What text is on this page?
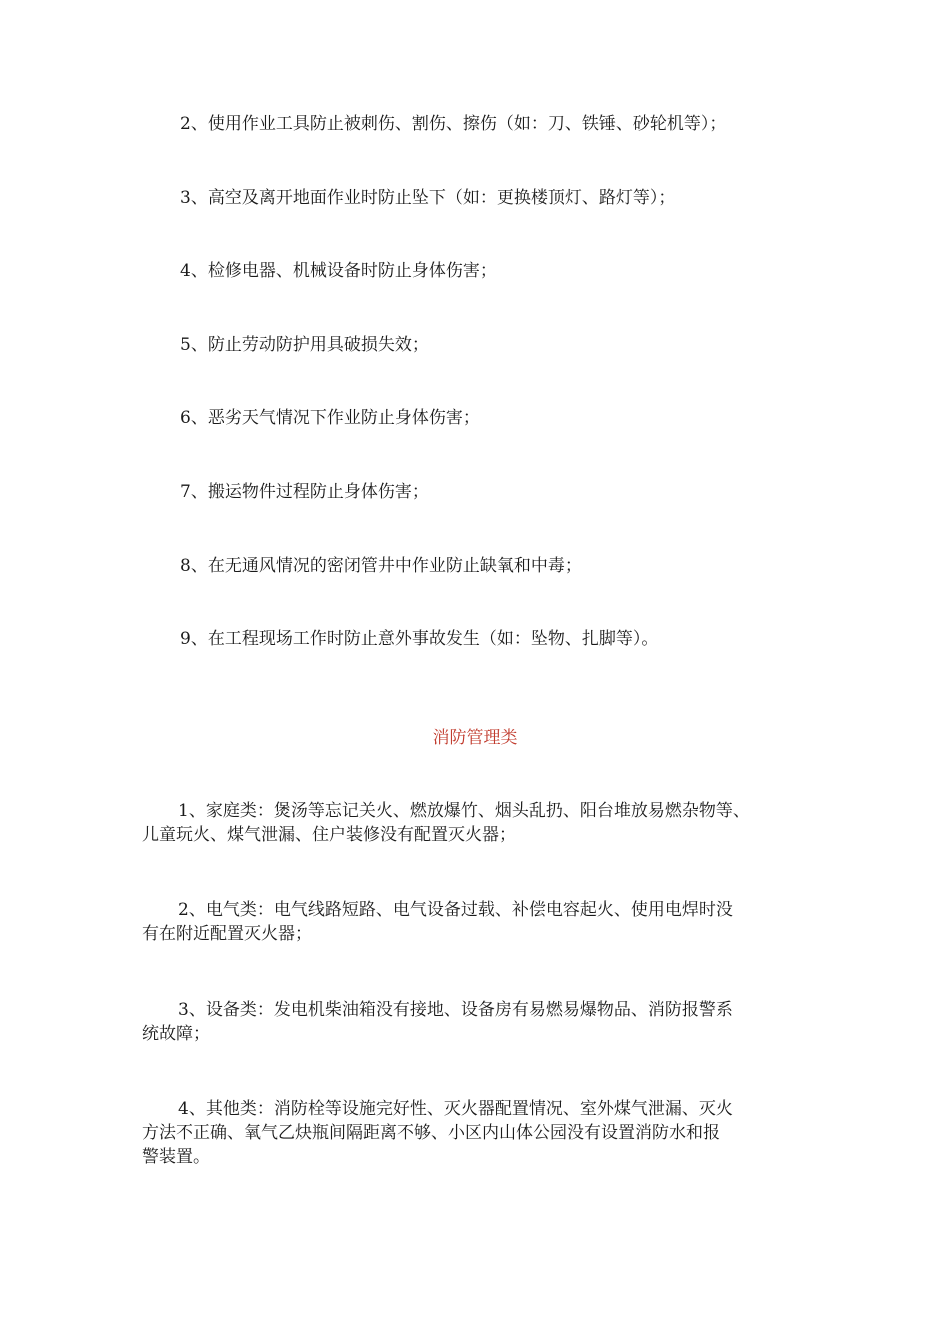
2、使用作业工具防止被刺伤、割伤、擦伤（如：刀、铁锤、砂轮机等）；
3、高空及离开地面作业时防止坠下（如：更换楼顶灯、路灯等）；
4、检修电器、机械设备时防止身体伤害；
5、防止劳动防护用具破损失效；
6、恶劣天气情况下作业防止身体伤害；
7、搬运物件过程防止身体伤害；
8、在无通风情况的密闭管井中作业防止缺氧和中毒；
9、在工程现场工作时防止意外事故发生（如：坠物、扎脚等）。
消防管理类
1、家庭类：煲汤等忘记关火、燃放爆竹、烟头乱扔、阳台堆放易燃杂物等、
儿童玩火、煤气泄漏、住户装修没有配置灭火器；
2、电气类：电气线路短路、电气设备过载、补偿电容起火、使用电焊时没
有在附近配置灭火器；
3、设备类：发电机柴油箱没有接地、设备房有易燃易爆物品、消防报警系
统故障；
4、其他类：消防栓等设施完好性、灭火器配置情况、室外煤气泄漏、灭火
方法不正确、氧气乙炔瓶间隔距离不够、小区内山体公园没有设置消防水和报
警装置。
